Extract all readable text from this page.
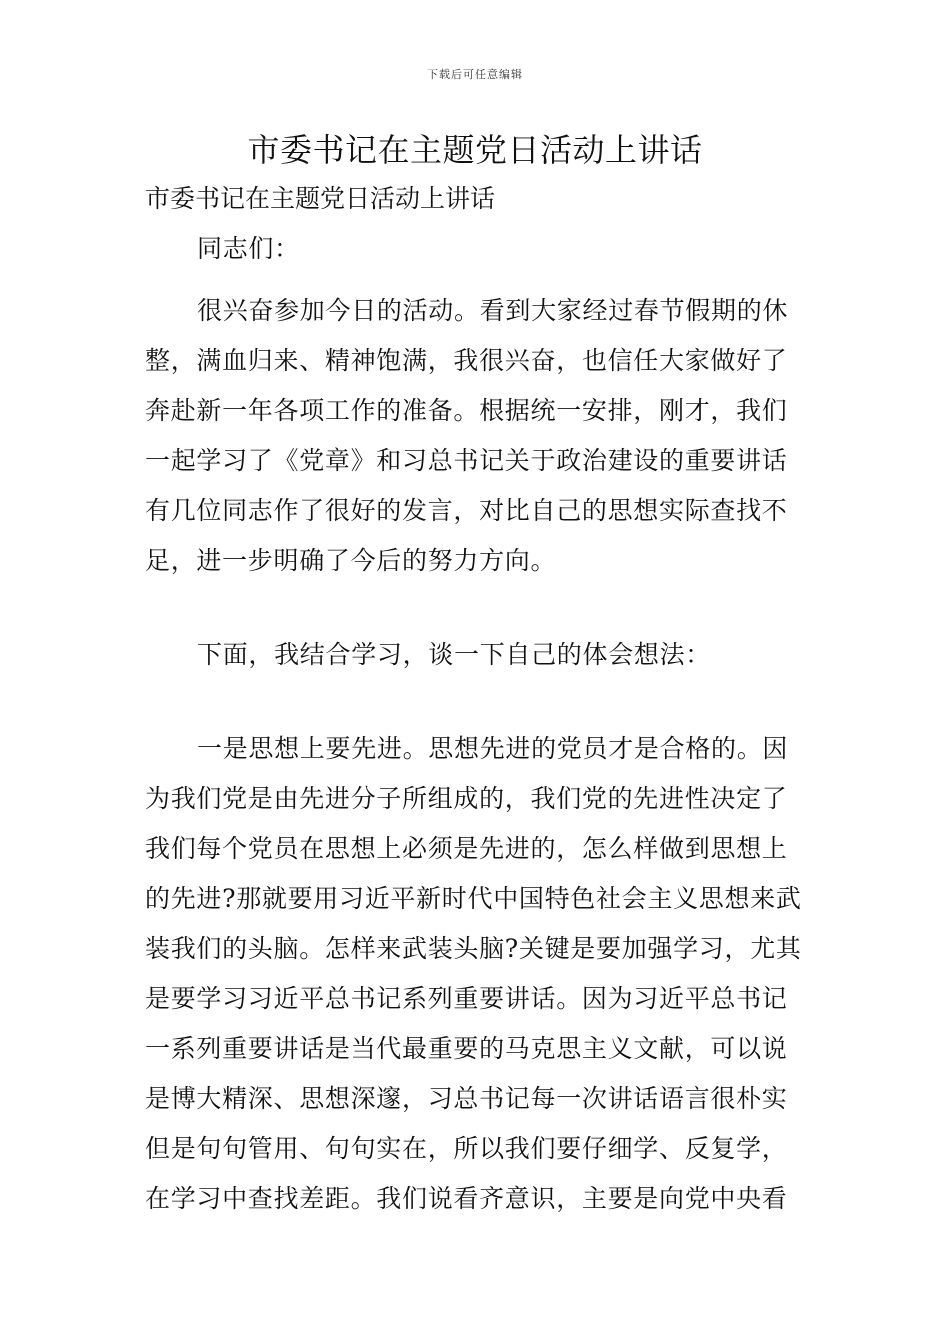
下载后可任意编辑
市委书记在主题党日活动上讲话
市委书记在主题党日活动上讲话
同志们：
很兴奋参加今日的活动。看到大家经过春节假期的休
整，满血归来、精神饱满，我很兴奋，也信任大家做好了
奔赴新一年各项工作的准备。根据统一安排，刚才，我们
一起学习了《党章》和习总书记关于政治建设的重要讲话
有几位同志作了很好的发言，对比自己的思想实际查找不
足，进一步明确了今后的努力方向。
下面，我结合学习，谈一下自己的体会想法：
一是思想上要先进。思想先进的党员才是合格的。因
为我们党是由先进分子所组成的，我们党的先进性决定了
我们每个党员在思想上必须是先进的，怎么样做到思想上
的先进?那就要用习近平新时代中国特色社会主义思想来武
装我们的头脑。怎样来武装头脑?关键是要加强学习，尤其
是要学习习近平总书记系列重要讲话。因为习近平总书记
一系列重要讲话是当代最重要的马克思主义文献，可以说
是博大精深、思想深邃，习总书记每一次讲话语言很朴实
但是句句管用、句句实在，所以我们要仔细学、反复学，
在学习中查找差距。我们说看齐意识，主要是向党中央看
